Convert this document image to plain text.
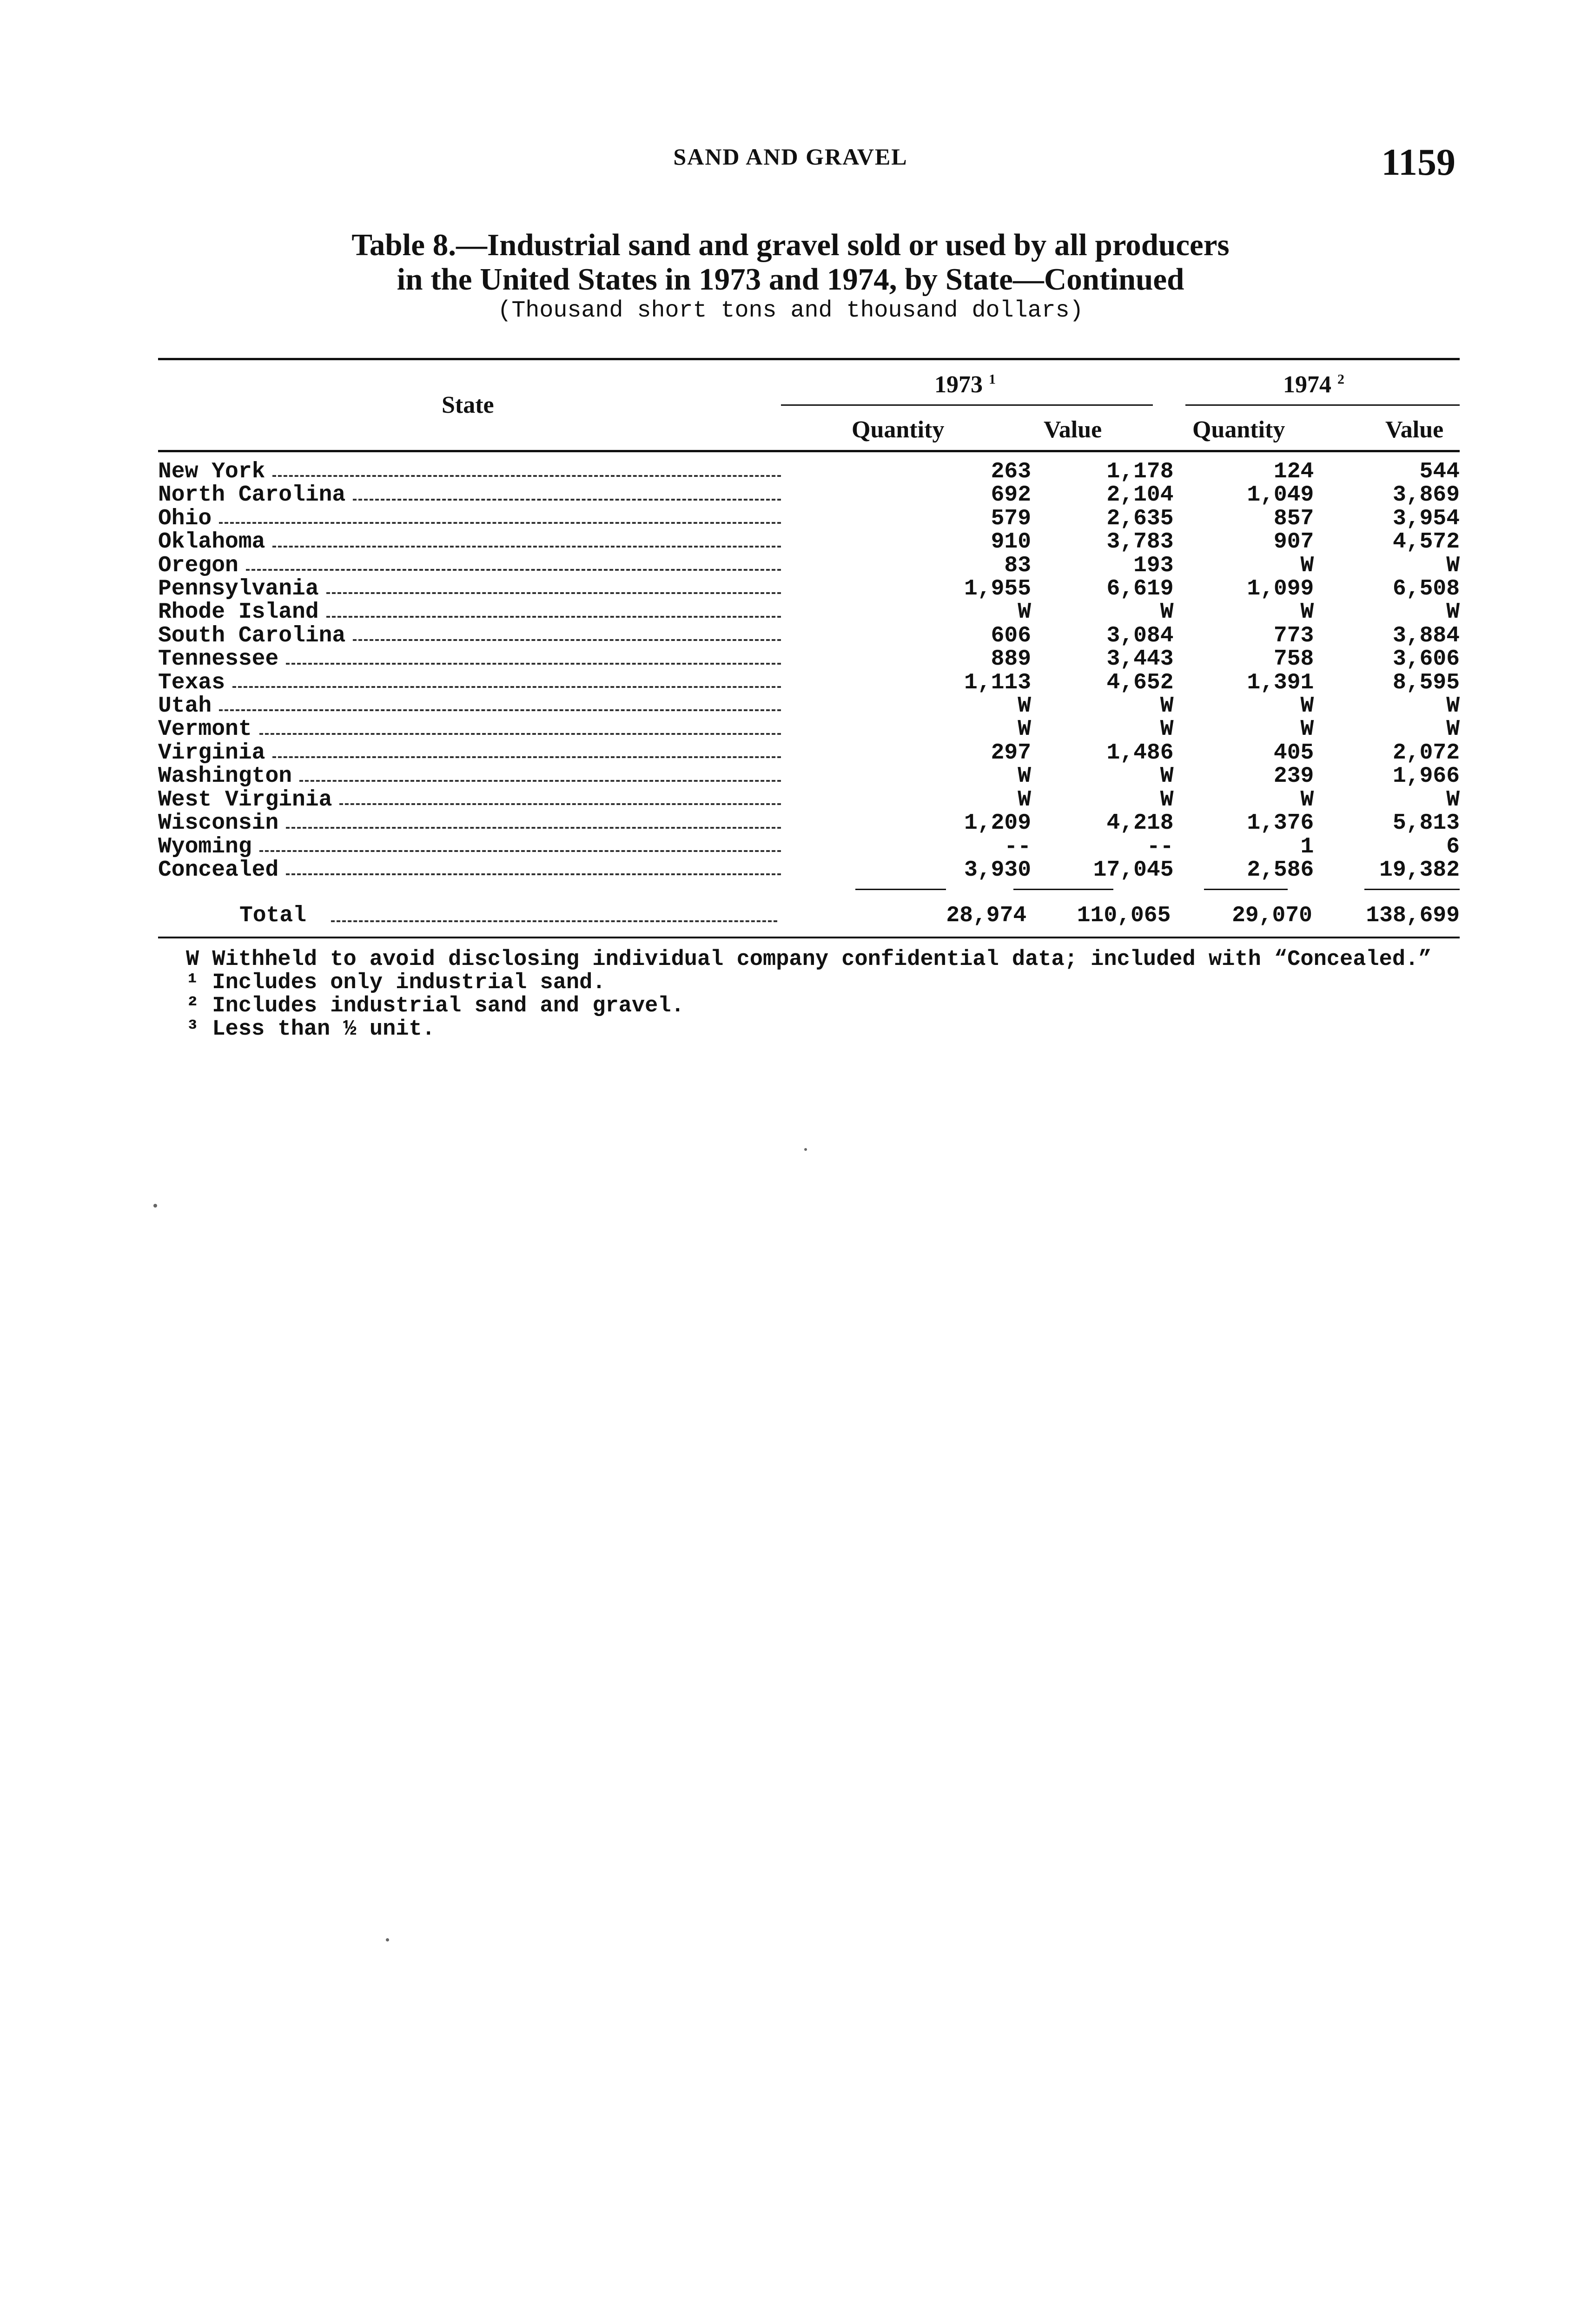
SAND AND GRAVEL	1159
Table 8.—Industrial sand and gravel sold or used by all producers
in the United States in 1973 and 1974, by State—Continued
(Thousand short tons and thousand dollars)
State
1973 $^1$	1974 $^2$
Quantity	Value	Quantity	Value
New York	263	1,178	124	544
North Carolina	692	2,104	1,049	3,869
Ohio	579	2,635	857	3,954
Oklahoma	910	3,783	907	4,572
Oregon	83	193	W	W
Pennsylvania	1,955	6,619	1,099	6,508
Rhode Island	W	W	W	W
South Carolina	606	3,084	773	3,884
Tennessee	889	3,443	758	3,606
Texas	1,113	4,652	1,391	8,595
Utah	W	W	W	W
Vermont	W	W	W	W
Virginia	297	1,486	405	2,072
Washington	W	W	239	1,966
West Virginia	W	W	W	W
Wisconsin	1,209	4,218	1,376	5,813
Wyoming	--	--	1	6
Concealed	3,930	17,045	2,586	19,382
Total	28,974	110,065	29,070	138,699
W Withheld to avoid disclosing individual company confidential data; included with “Concealed.”
¹ Includes only industrial sand.
² Includes industrial sand and gravel.
³ Less than ½ unit.
